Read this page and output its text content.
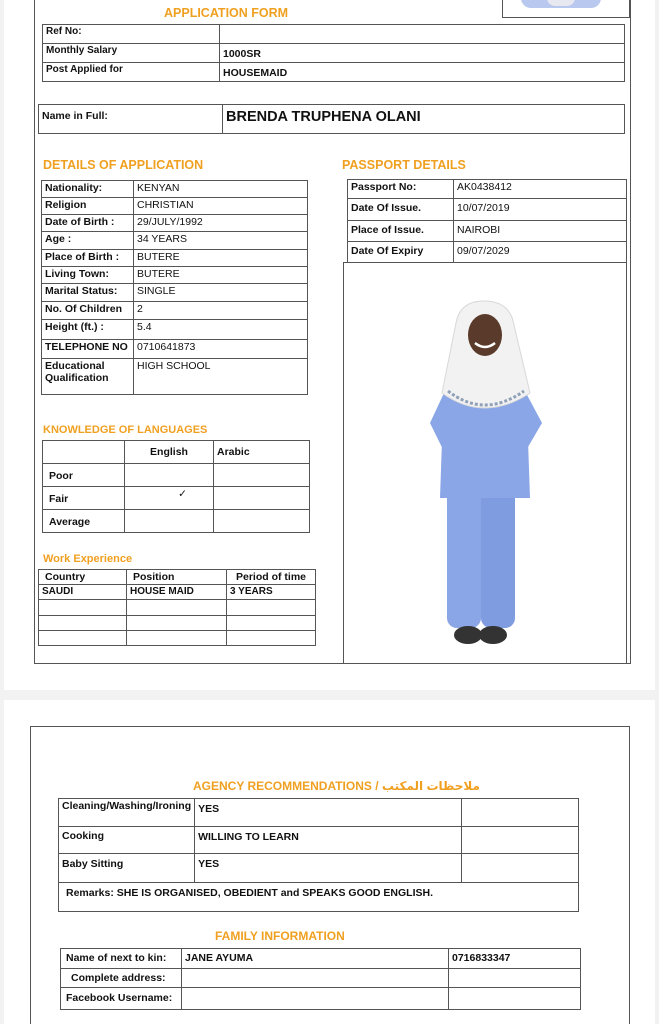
APPLICATION FORM
Ref No:	
Monthly Salary	1000SR
Post Applied for	HOUSEMAID
Name in Full:	BRENDA TRUPHENA OLANI
DETAILS OF APPLICATION	PASSPORT DETAILS
Nationality:	KENYAN
Religion	CHRISTIAN
Date of Birth :	29/JULY/1992
Age :	34 YEARS
Place of Birth :	BUTERE
Living Town:	BUTERE
Marital Status:	SINGLE
No. Of Children	2
Height (ft.) :	5.4
TELEPHONE NO	0710641873
Educational Qualification	HIGH SCHOOL
Passport No:	AK0438412
Date Of Issue.	10/07/2019
Place of Issue.	NAIROBI
Date Of Expiry	09/07/2029
KNOWLEDGE OF LANGUAGES
	English	Arabic
Poor		
Fair	✓	
Average		
Work Experience
Country	Position	Period of time
SAUDI	HOUSE MAID	3 YEARS

AGENCY RECOMMENDATIONS / ملاحظات المكتب
Cleaning/Washing/Ironing	YES	
Cooking	WILLING TO LEARN	
Baby Sitting	YES	
Remarks: SHE IS ORGANISED, OBEDIENT and SPEAKS GOOD ENGLISH.		
FAMILY INFORMATION
Name of next to kin:	JANE AYUMA	0716833347
Complete address:		
Facebook Username:		
